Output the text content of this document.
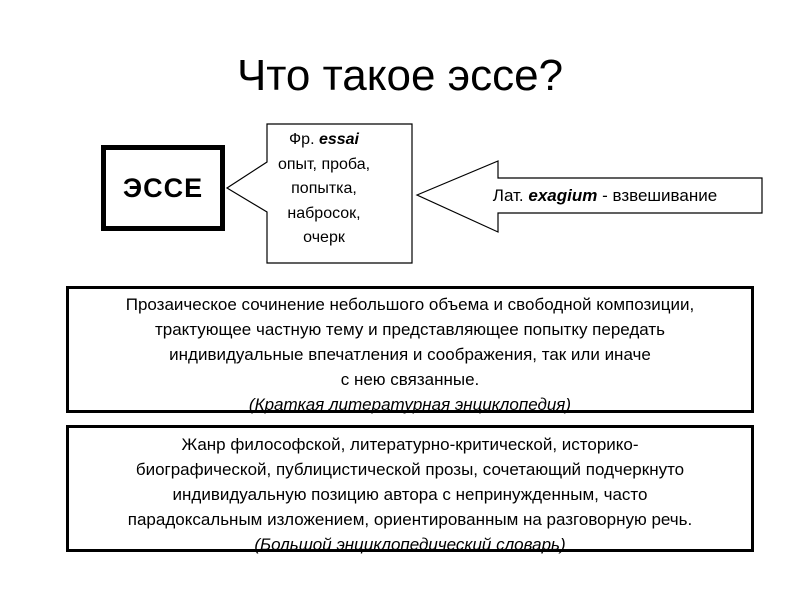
Что такое эссе?
ЭССЕ
Фр. essai
опыт, проба,
попытка,
набросок,
очерк
Лат. exagium - взвешивание
Прозаическое сочинение небольшого объема и свободной композиции,
трактующее частную тему и представляющее попытку передать
индивидуальные впечатления и соображения, так или иначе
с нею связанные.
(Краткая литературная энциклопедия)
Жанр философской, литературно-критической, историко-
биографической, публицистической прозы, сочетающий подчеркнуто
индивидуальную позицию автора с непринужденным, часто
парадоксальным изложением, ориентированным на разговорную речь.
(Большой энциклопедический словарь)
